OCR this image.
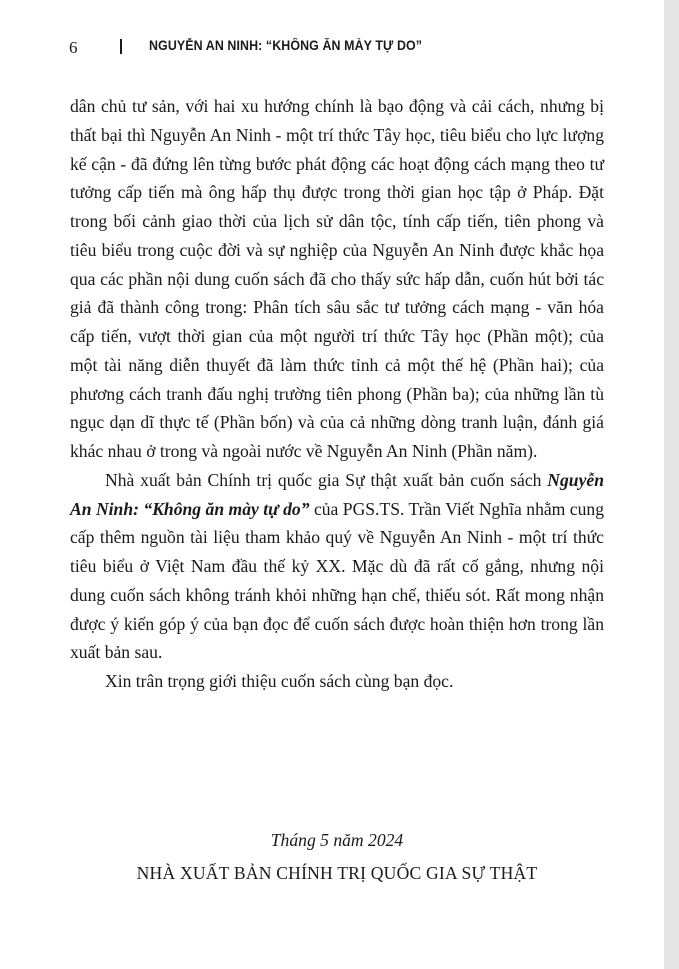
6	NGUYỄN AN NINH: “KHÔNG ĂN MÀY TỰ DO”

dân chủ tư sản, với hai xu hướng chính là bạo động và cải cách, nhưng bị thất bại thì Nguyễn An Ninh - một trí thức Tây học, tiêu biểu cho lực lượng kế cận - đã đứng lên từng bước phát động các hoạt động cách mạng theo tư tưởng cấp tiến mà ông hấp thụ được trong thời gian học tập ở Pháp. Đặt trong bối cảnh giao thời của lịch sử dân tộc, tính cấp tiến, tiên phong và tiêu biểu trong cuộc đời và sự nghiệp của Nguyễn An Ninh được khắc họa qua các phần nội dung cuốn sách đã cho thấy sức hấp dẫn, cuốn hút bởi tác giả đã thành công trong: Phân tích sâu sắc tư tưởng cách mạng - văn hóa cấp tiến, vượt thời gian của một người trí thức Tây học (Phần một); của một tài năng diễn thuyết đã làm thức tỉnh cả một thế hệ (Phần hai); của phương cách tranh đấu nghị trường tiên phong (Phần ba); của những lần tù ngục dạn dĩ thực tế (Phần bốn) và của cả những dòng tranh luận, đánh giá khác nhau ở trong và ngoài nước về Nguyễn An Ninh (Phần năm).

Nhà xuất bản Chính trị quốc gia Sự thật xuất bản cuốn sách Nguyễn An Ninh: “Không ăn mày tự do” của PGS.TS. Trần Viết Nghĩa nhằm cung cấp thêm nguồn tài liệu tham khảo quý về Nguyễn An Ninh - một trí thức tiêu biểu ở Việt Nam đầu thế kỷ XX. Mặc dù đã rất cố gắng, nhưng nội dung cuốn sách không tránh khỏi những hạn chế, thiếu sót. Rất mong nhận được ý kiến góp ý của bạn đọc để cuốn sách được hoàn thiện hơn trong lần xuất bản sau.

Xin trân trọng giới thiệu cuốn sách cùng bạn đọc.

Tháng 5 năm 2024
NHÀ XUẤT BẢN CHÍNH TRỊ QUỐC GIA SỰ THẬT
